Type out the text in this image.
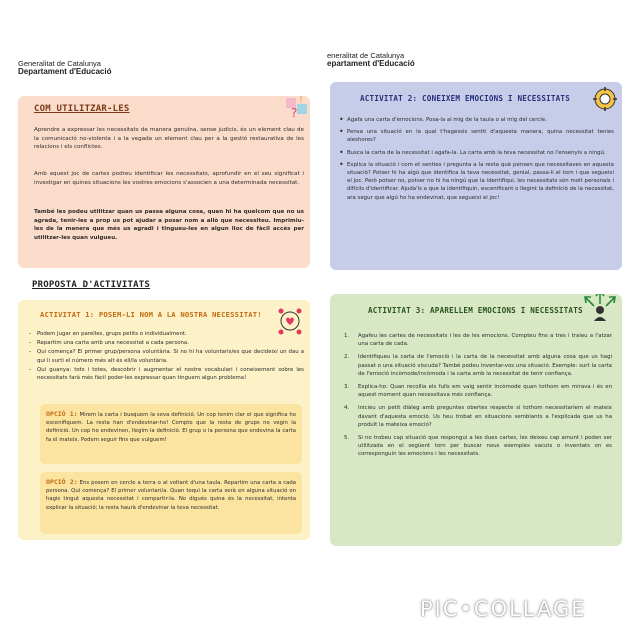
Generalitat de Catalunya
Departament d'Educació
eneralitat de Catalunya
epartament d'Educació
COM UTILITZAR-LES	?
!
Aprendre a expressar les necessitats de manera genuïna, sense judicis, és un element clau de la comunicació no-violenta i a la vegada un element clau per a la gestió restaurativa de les relacions i els conflictes.
Amb aquest joc de cartes podreu identificar les necessitats, aprofundir en el seu significat i investigar en quines situacions les vostres emocions s'associen a una determinada necessitat.
També les podeu utilitzar quan us passa alguna cosa, quan hi ha quelcom que no us agrada, tenir-les a prop us pot ajudar a posar nom a allò que necessiteu. Imprimiu-les de la manera que més us agradi i tingueu-les en algun lloc de fàcil accés per utilitzar-les quan vulgueu.
PROPOSTA D'ACTIVITATS
ACTIVITAT 1: POSEM-LI NOM A LA NOSTRA NECESSITAT!
- Podem jugar en parelles, grups petits o individualment.
- Repartim una carta amb una necessitat a cada persona.
- Qui comença? El primer grup/persona voluntària. Si no hi ha voluntaris/es que decideixi un dau a qui li surti el número més alt és ell/la voluntària.
- Qui guanya: tots i totes, descobrir i augmentar el nostre vocabulari i coneixement sobre les necessitats farà més fàcil poder-les expressar quan tinguem algun problema!
OPCIÓ 1: Mirem la carta i busquem la seva definició. Un cop tenim clar el que significa ho escenifiquem. La resta han d'endevinar-ho! Compte que la resta de grups no vegin la definició. Un cop ho endevinen, llegim la definició. El grup o la persona que endevina la carta fa el mateix. Podem seguir fins que vulguem!
OPCIÓ 2: Ens posem en cercle a terra o al voltant d'una taula. Repartim una carta a cada persona. Qui comença? El primer voluntari/a. Quan toqui la carta serà en alguna situació on hagis tingut aquesta necessitat i compartir-la. No digués quina és la necessitat, intenta explicar la situació; la resta haurà d'endevinar la teva necessitat.
ACTIVITAT 2: CONEIXEM EMOCIONS I NECESSITATS
• Agafa una carta d'emocions. Posa-la al mig de la taula o al mig del cercle.
• Pensa una situació en la qual t'hagessis sentit d'aquesta manera, quina necessitat tenies aleshores?
• Busca la carta de la necessitat i agafa-la. La carta amb la teva necessitat no l'ensenyis a ningú.
• Explica la situació i com et senties i pregunta a la resta què pensen que necessitaves en aquesta situació? Potser hi ha algú que identifica la teva necessitat, genial, passa-li el torn i que segueixi el joc. Però potser no, potser no hi ha ningú que la identifiqui, les necessitats són molt personals i difícils d'identificar. Ajuda'ls a que la identifiquin, escenificant o llegint la definició de la necessitat, ara segur que algú ho ha endevinat, que segueixi el joc!
ACTIVITAT 3: APARELLEM EMOCIONS I NECESSITATS
1. Agafeu les cartes de necessitats i les de les emocions. Compteu fins a tres i traieu a l'atzar una carta de cada.
2. Identifiqueu la carta de l'emoció i la carta de la necessitat amb alguna cosa que us hagi passat o una situació viscuda? També podeu inventar-vos una situació. Exemple: surt la carta de l'emoció incòmode/incòmoda i la carta amb la necessitat de tenir confiança.
3. Explica-ho: Quan recollia els fulls em vaig sentir incòmode quan tothom em mirava i és en aquest moment quan necessitava més confiança.
4. Inicieu un petit diàleg amb preguntes obertes respecte si tothom necessitaríem el mateix davant d'aquesta emoció. Us heu trobat en situacions semblants a l'explicada que us ha produït la mateixa emoció?
5. Si no trobeu cap situació que respongui a les dues cartes, les deixeu cap amunt i poden ser utilitzada en el següent torn per buscar nous exemples vacuts o inventats on es corresponguin les emocions i les necessitats.
PIC•COLLAGE
